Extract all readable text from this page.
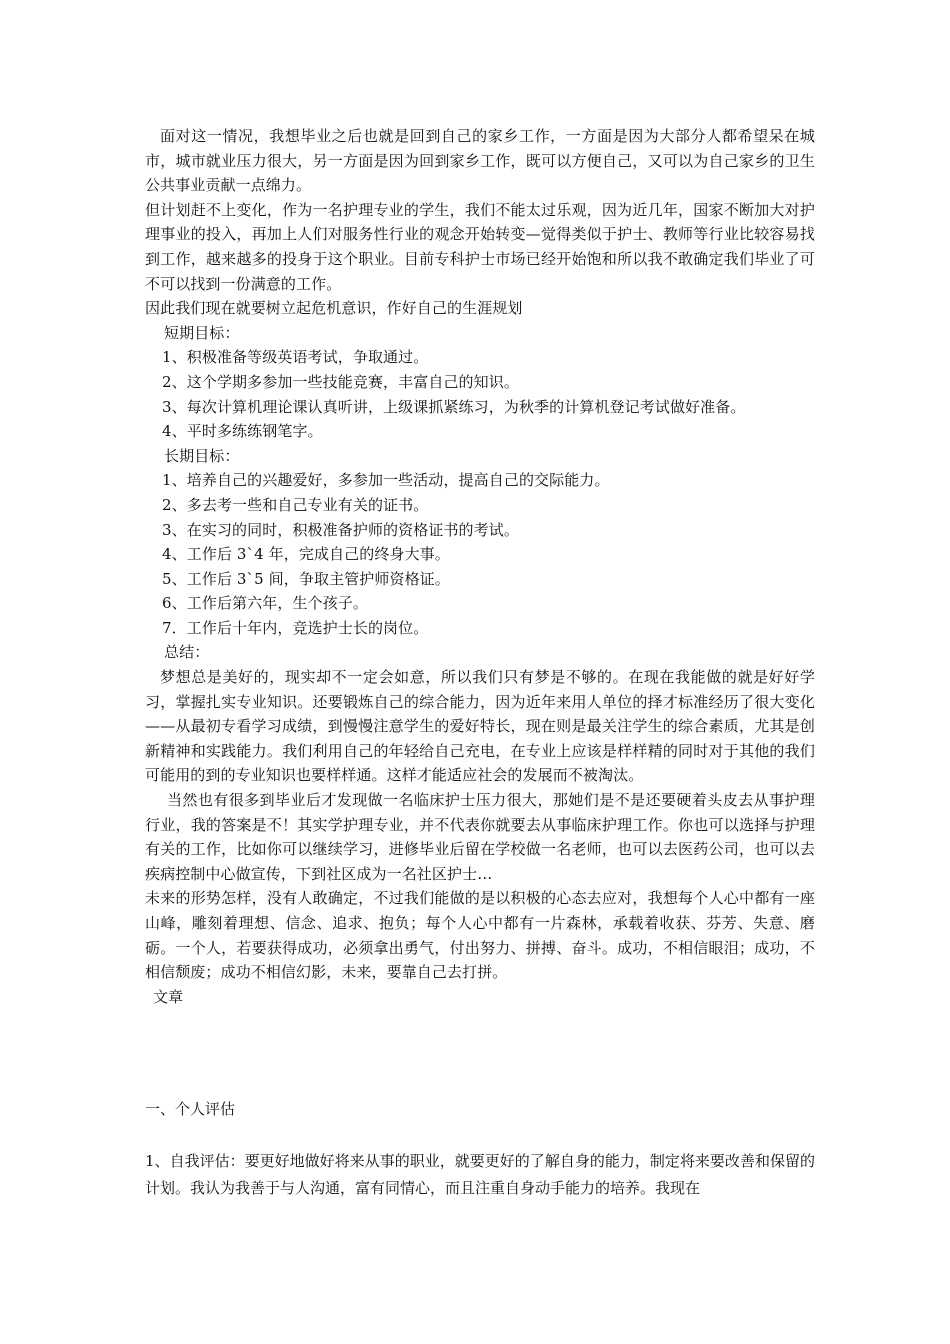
面对这一情况，我想毕业之后也就是回到自己的家乡工作，一方面是因为大部分人都希望呆在城市，城市就业压力很大，另一方面是因为回到家乡工作，既可以方便自己，又可以为自己家乡的卫生公共事业贡献一点绵力。

但计划赶不上变化，作为一名护理专业的学生，我们不能太过乐观，因为近几年，国家不断加大对护理事业的投入，再加上人们对服务性行业的观念开始转变—觉得类似于护士、教师等行业比较容易找到工作，越来越多的投身于这个职业。目前专科护士市场已经开始饱和所以我不敢确定我们毕业了可不可以找到一份满意的工作。

因此我们现在就要树立起危机意识，作好自己的生涯规划

短期目标：

1、积极准备等级英语考试，争取通过。

2、这个学期多参加一些技能竞赛，丰富自己的知识。

3、每次计算机理论课认真听讲，上级课抓紧练习，为秋季的计算机登记考试做好准备。

4、平时多练练钢笔字。

长期目标：

1、培养自己的兴趣爱好，多参加一些活动，提高自己的交际能力。

2、多去考一些和自己专业有关的证书。

3、在实习的同时，积极准备护师的资格证书的考试。

4、工作后 3`4 年，完成自己的终身大事。

5、工作后 3`5 间，争取主管护师资格证。

6、工作后第六年，生个孩子。

7．工作后十年内，竞选护士长的岗位。

总结：

梦想总是美好的，现实却不一定会如意，所以我们只有梦是不够的。在现在我能做的就是好好学习，掌握扎实专业知识。还要锻炼自己的综合能力，因为近年来用人单位的择才标准经历了很大变化——从最初专看学习成绩，到慢慢注意学生的爱好特长，现在则是最关注学生的综合素质，尤其是创新精神和实践能力。我们利用自己的年轻给自己充电，在专业上应该是样样精的同时对于其他的我们可能用的到的专业知识也要样样通。这样才能适应社会的发展而不被淘汰。

当然也有很多到毕业后才发现做一名临床护士压力很大，那她们是不是还要硬着头皮去从事护理行业，我的答案是不！其实学护理专业，并不代表你就要去从事临床护理工作。你也可以选择与护理有关的工作，比如你可以继续学习，进修毕业后留在学校做一名老师，也可以去医药公司，也可以去疾病控制中心做宣传，下到社区成为一名社区护士…

未来的形势怎样，没有人敢确定，不过我们能做的是以积极的心态去应对，我想每个人心中都有一座山峰，雕刻着理想、信念、追求、抱负；每个人心中都有一片森林，承载着收获、芬芳、失意、磨砺。一个人，若要获得成功，必须拿出勇气，付出努力、拼搏、奋斗。成功，不相信眼泪；成功，不相信颓废；成功不相信幻影，未来，要靠自己去打拼。

文章

一、个人评估

1、自我评估：要更好地做好将来从事的职业，就要更好的了解自身的能力，制定将来要改善和保留的计划。我认为我善于与人沟通，富有同情心，而且注重自身动手能力的培养。我现在
